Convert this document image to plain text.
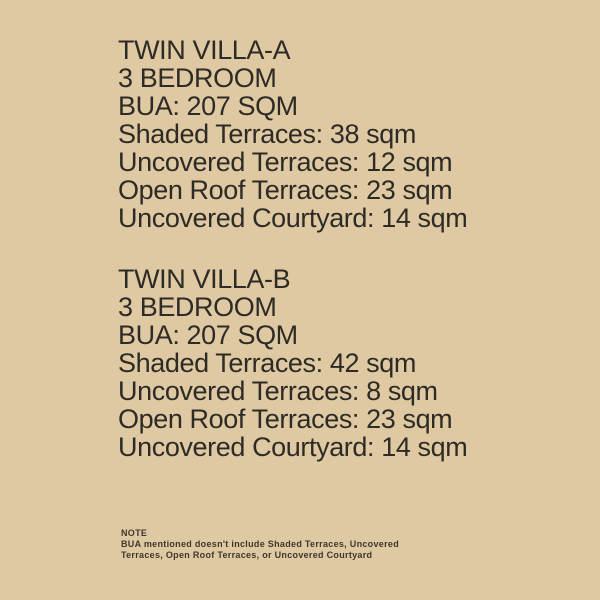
TWIN VILLA-A
3 BEDROOM
BUA: 207 SQM
Shaded Terraces: 38 sqm
Uncovered Terraces: 12 sqm
Open Roof Terraces: 23 sqm
Uncovered Courtyard: 14 sqm
TWIN VILLA-B
3 BEDROOM
BUA: 207 SQM
Shaded Terraces: 42 sqm
Uncovered Terraces: 8 sqm
Open Roof Terraces: 23 sqm
Uncovered Courtyard: 14 sqm
NOTE
BUA mentioned doesn't include Shaded Terraces, Uncovered
Terraces, Open Roof Terraces, or Uncovered Courtyard
